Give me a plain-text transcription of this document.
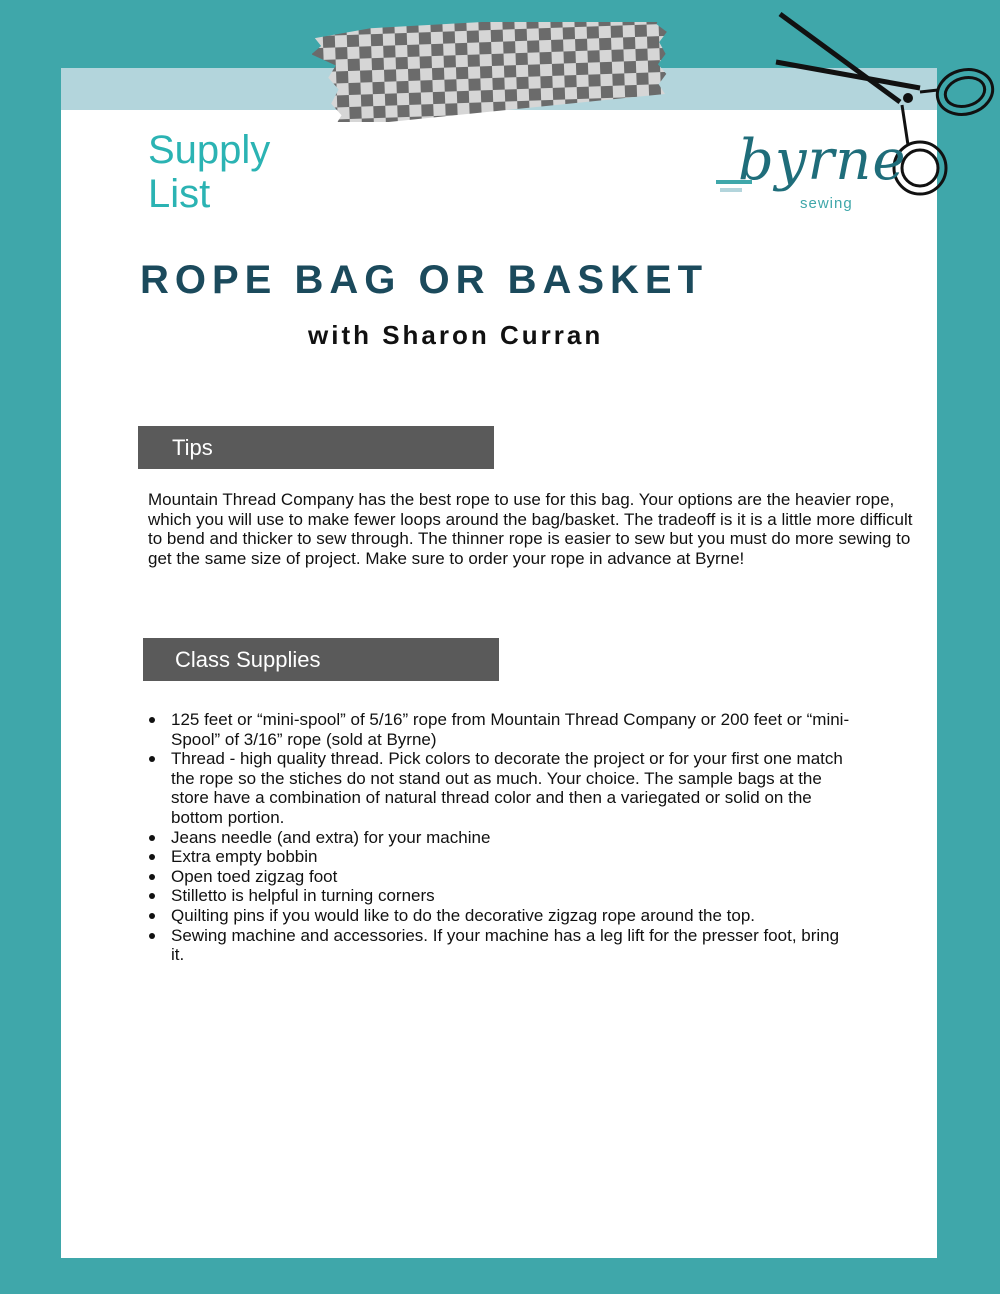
Supply
List
byrne
sewing
ROPE BAG OR BASKET
with Sharon Curran
Tips

Mountain Thread Company has the best rope to use for this bag. Your options are the heavier rope, which you will use to make fewer loops around the bag/basket. The tradeoff is it is a little more difficult to bend and thicker to sew through. The thinner rope is easier to sew but you must do more sewing to get the same size of project. Make sure to order your rope in advance at Byrne!

Class Supplies
125 feet or “mini-spool” of 5/16” rope from Mountain Thread Company or 200 feet or “mini-Spool” of 3/16” rope (sold at Byrne)
Thread - high quality thread. Pick colors to decorate the project or for your first one match the rope so the stiches do not stand out as much. Your choice. The sample bags at the store have a combination of natural thread color and then a variegated or solid on the bottom portion.
Jeans needle (and extra) for your machine
Extra empty bobbin
Open toed zigzag foot
Stilletto is helpful in turning corners
Quilting pins if you would like to do the decorative zigzag rope around the top.
Sewing machine and accessories. If your machine has a leg lift for the presser foot, bring it.
